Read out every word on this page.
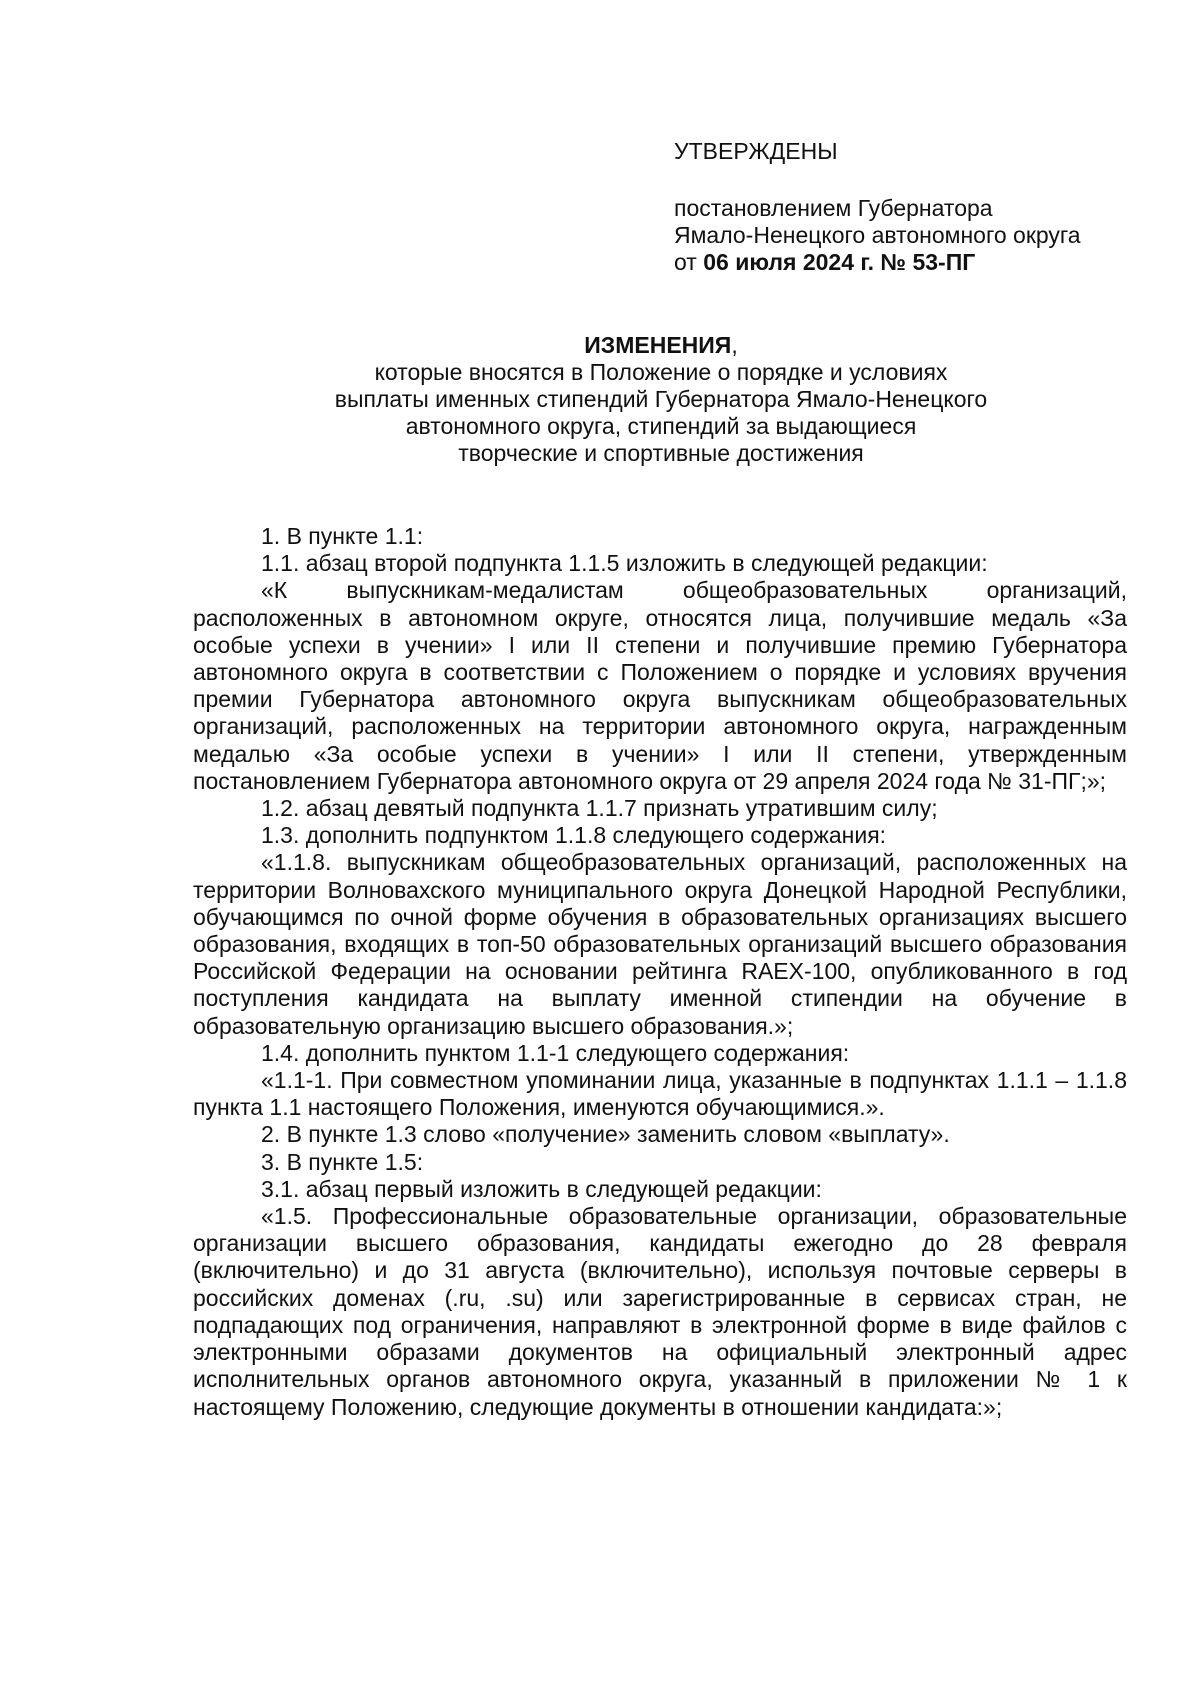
УТВЕРЖДЕНЫ

постановлением Губернатора

Ямало-Ненецкого автономного округа

от 06 июля 2024 г. № 53-ПГ

ИЗМЕНЕНИЯ,

которые вносятся в Положение о порядке и условиях

выплаты именных стипендий Губернатора Ямало-Ненецкого

автономного округа, стипендий за выдающиеся

творческие и спортивные достижения

1. В пункте 1.1:

1.1. абзац второй подпункта 1.1.5 изложить в следующей редакции:

«К выпускникам-медалистам общеобразовательных организаций, расположенных в автономном округе, относятся лица, получившие медаль «За особые успехи в учении» I или II степени и получившие премию Губернатора автономного округа в соответствии с Положением о порядке и условиях вручения премии Губернатора автономного округа выпускникам общеобразовательных организаций, расположенных на территории автономного округа, награжденным медалью «За особые успехи в учении» I или II степени, утвержденным постановлением Губернатора автономного округа от 29 апреля 2024 года № 31-ПГ;»;

1.2. абзац девятый подпункта 1.1.7 признать утратившим силу;

1.3. дополнить подпунктом 1.1.8 следующего содержания:

«1.1.8. выпускникам общеобразовательных организаций, расположенных на территории Волновахского муниципального округа Донецкой Народной Республики, обучающимся по очной форме обучения в образовательных организациях высшего образования, входящих в топ-50 образовательных организаций высшего образования Российской Федерации на основании рейтинга RAEX-100, опубликованного в год поступления кандидата на выплату именной стипендии на обучение в образовательную организацию высшего образования.»;

1.4. дополнить пунктом 1.1-1 следующего содержания:

«1.1-1. При совместном упоминании лица, указанные в подпунктах 1.1.1 – 1.1.8 пункта 1.1 настоящего Положения, именуются обучающимися.».

2. В пункте 1.3 слово «получение» заменить словом «выплату».

3. В пункте 1.5:

3.1. абзац первый изложить в следующей редакции:

«1.5. Профессиональные образовательные организации, образовательные организации высшего образования, кандидаты ежегодно до 28 февраля (включительно) и до 31 августа (включительно), используя почтовые серверы в российских доменах (.ru, .su) или зарегистрированные в сервисах стран, не подпадающих под ограничения, направляют в электронной форме в виде файлов с электронными образами документов на официальный электронный адрес исполнительных органов автономного округа, указанный в приложении № 1 к настоящему Положению, следующие документы в отношении кандидата:»;
